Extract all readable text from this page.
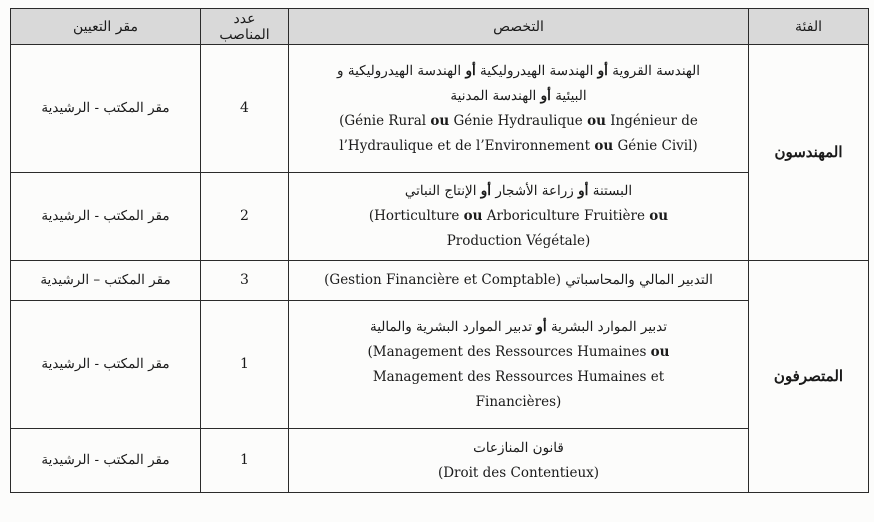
مقر التعيين	عدد المناصب	التخصص	الفئة
مقر المكتب - الرشيدية	4	الهندسة القروية أو الهندسة الهيدروليكية أو الهندسة الهيدروليكية و
البيئية أو الهندسة المدنية
(Génie Rural ou Génie Hydraulique ou Ingénieur de
l’Hydraulique et de l’Environnement ou Génie Civil)	المهندسون
مقر المكتب - الرشيدية	2	البستنة أو زراعة الأشجار أو الإنتاج النباتي
(Horticulture ou Arboriculture Fruitière ou
Production Végétale)	

مقر المكتب – الرشيدية	3	التدبير المالي والمحاسباتي (Gestion Financière et Comptable)	المتصرفون
مقر المكتب - الرشيدية	1	تدبير الموارد البشرية أو تدبير الموارد البشرية والمالية
(Management des Ressources Humaines ou
Management des Ressources Humaines et
Financières)	

مقر المكتب - الرشيدية	1	قانون المنازعات
(Droit des Contentieux)	
